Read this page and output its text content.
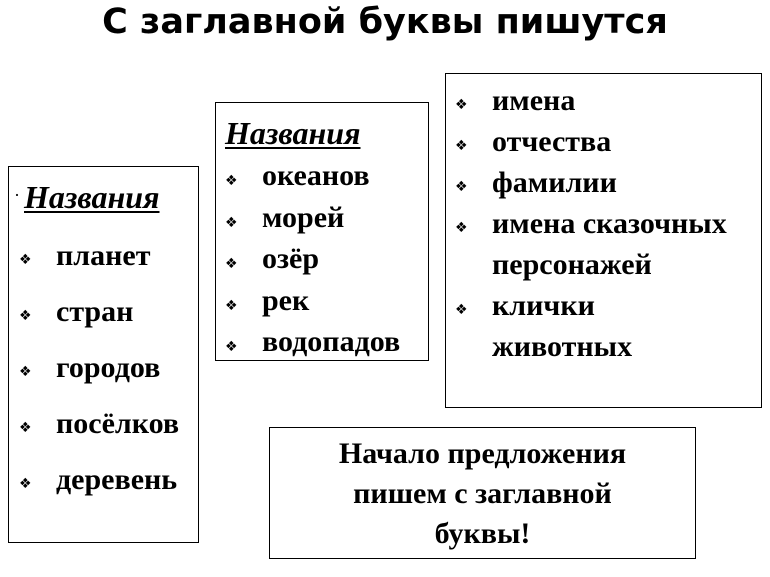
С заглавной буквы пишутся
· Названия
❖ планет
❖ стран
❖ городов
❖ посёлков
❖ деревень
Названия
❖ океанов
❖ морей
❖ озёр
❖ рек
❖ водопадов
❖ имена
❖ отчества
❖ фамилии
❖ имена сказочных персонажей
❖ клички животных
Начало предложения
пишем с заглавной
буквы!
